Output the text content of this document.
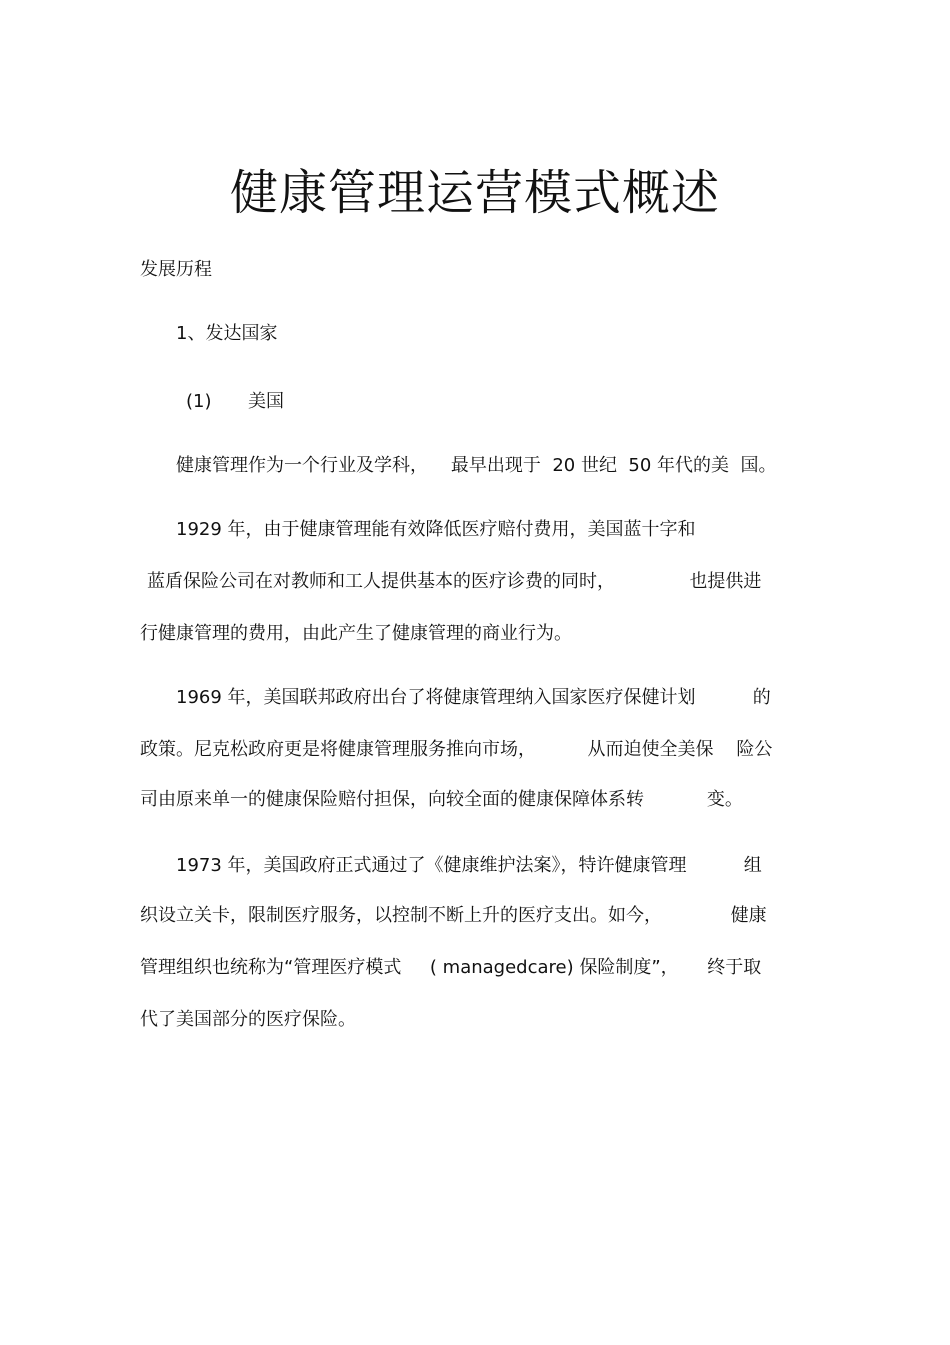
健康管理运营模式概述
发展历程
1、发达国家
(1) 美国
健康管理作为一个行业及学科，    最早出现于  20 世纪  50 年代的美  国。
1929 年，由于健康管理能有效降低医疗赔付费用，美国蓝十字和
蓝盾保险公司在对教师和工人提供基本的医疗诊费的同时，             也提供进
行健康管理的费用，由此产生了健康管理的商业行为。
1969 年，美国联邦政府出台了将健康管理纳入国家医疗保健计划          的
政策。尼克松政府更是将健康管理服务推向市场，         从而迫使全美保    险公
司由原来单一的健康保险赔付担保，向较全面的健康保障体系转           变。
1973 年，美国政府正式通过了《健康维护法案》，特许健康管理          组
织设立关卡，限制医疗服务，以控制不断上升的医疗支出。如今，            健康
管理组织也统称为“管理医疗模式     ( managedcare) 保险制度”，     终于取
代了美国部分的医疗保险。
